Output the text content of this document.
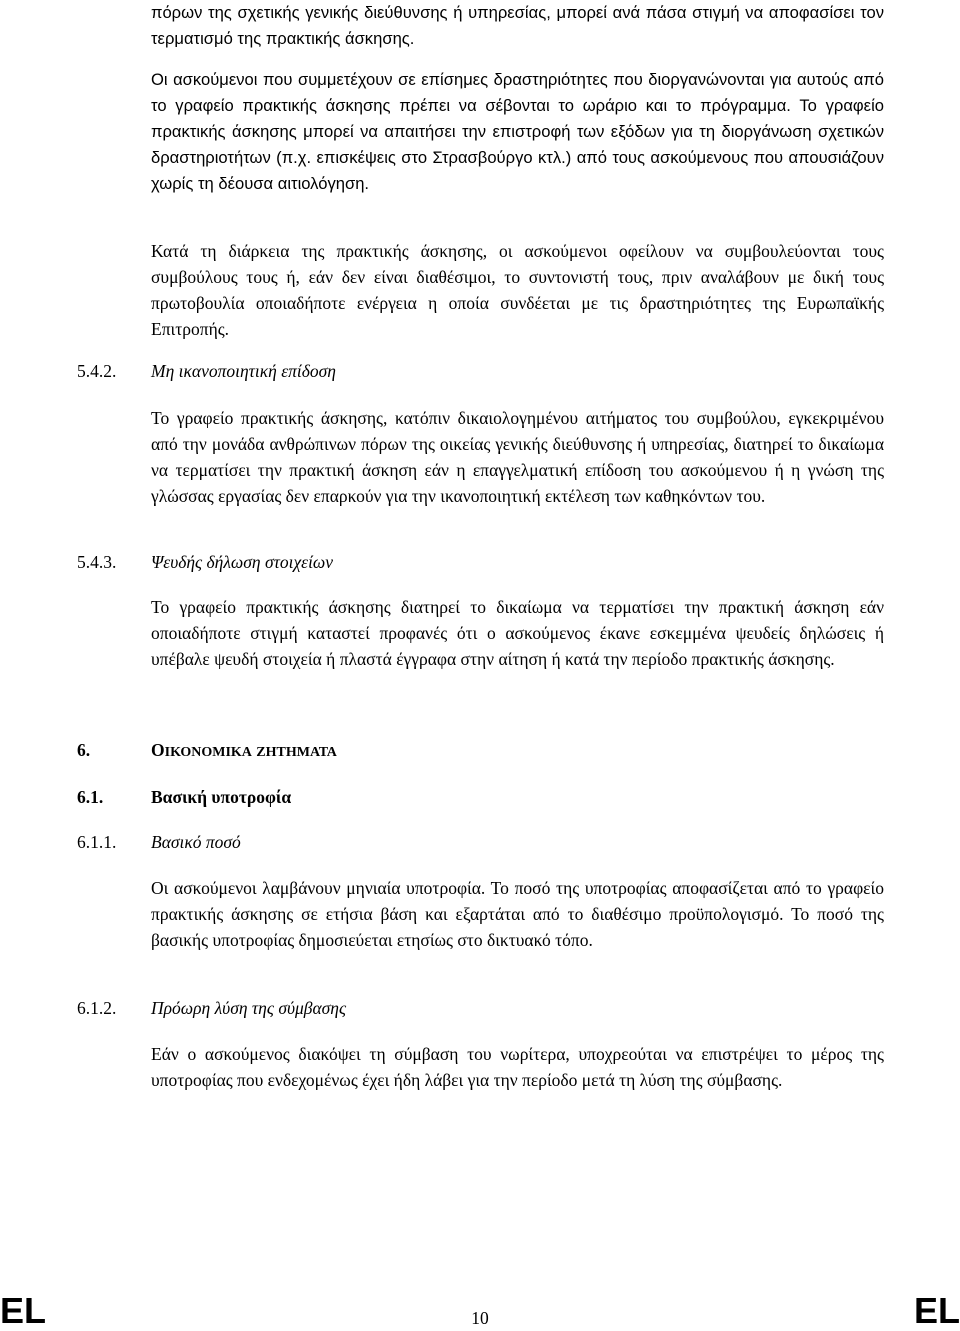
πόρων της σχετικής γενικής διεύθυνσης ή υπηρεσίας, μπορεί ανά πάσα στιγμή να αποφασίσει τον τερματισμό της πρακτικής άσκησης.

Οι ασκούμενοι που συμμετέχουν σε επίσημες δραστηριότητες που διοργανώνονται για αυτούς από το γραφείο πρακτικής άσκησης πρέπει να σέβονται το ωράριο και το πρόγραμμα. Το γραφείο πρακτικής άσκησης μπορεί να απαιτήσει την επιστροφή των εξόδων για τη διοργάνωση σχετικών δραστηριοτήτων (π.χ. επισκέψεις στο Στρασβούργο κτλ.) από τους ασκούμενους που απουσιάζουν χωρίς τη δέουσα αιτιολόγηση.

Κατά τη διάρκεια της πρακτικής άσκησης, οι ασκούμενοι οφείλουν να συμβουλεύονται τους συμβούλους τους ή, εάν δεν είναι διαθέσιμοι, το συντονιστή τους, πριν αναλάβουν με δική τους πρωτοβουλία οποιαδήποτε ενέργεια η οποία συνδέεται με τις δραστηριότητες της Ευρωπαϊκής Επιτροπής.

5.4.2. Μη ικανοποιητική επίδοση

Το γραφείο πρακτικής άσκησης, κατόπιν δικαιολογημένου αιτήματος του συμβούλου, εγκεκριμένου από την μονάδα ανθρώπινων πόρων της οικείας γενικής διεύθυνσης ή υπηρεσίας, διατηρεί το δικαίωμα να τερματίσει την πρακτική άσκηση εάν η επαγγελματική επίδοση του ασκούμενου ή η γνώση της γλώσσας εργασίας δεν επαρκούν για την ικανοποιητική εκτέλεση των καθηκόντων του.

5.4.3. Ψευδής δήλωση στοιχείων

Το γραφείο πρακτικής άσκησης διατηρεί το δικαίωμα να τερματίσει την πρακτική άσκηση εάν οποιαδήποτε στιγμή καταστεί προφανές ότι ο ασκούμενος έκανε εσκεμμένα ψευδείς δηλώσεις ή υπέβαλε ψευδή στοιχεία ή πλαστά έγγραφα στην αίτηση ή κατά την περίοδο πρακτικής άσκησης.

6.	ΟΙΚΟΝΟΜΙΚΑ ΖΗΤΗΜΑΤΑ
6.1.	Βασική υποτροφία
6.1.1. Βασικό ποσό

Οι ασκούμενοι λαμβάνουν μηνιαία υποτροφία. Το ποσό της υποτροφίας αποφασίζεται από το γραφείο πρακτικής άσκησης σε ετήσια βάση και εξαρτάται από το διαθέσιμο προϋπολογισμό. Το ποσό της βασικής υποτροφίας δημοσιεύεται ετησίως στο δικτυακό τόπο.

6.1.2. Πρόωρη λύση της σύμβασης

Εάν ο ασκούμενος διακόψει τη σύμβαση του νωρίτερα, υποχρεούται να επιστρέψει το μέρος της υποτροφίας που ενδεχομένως έχει ήδη λάβει για την περίοδο μετά τη λύση της σύμβασης.

EL	10	EL
